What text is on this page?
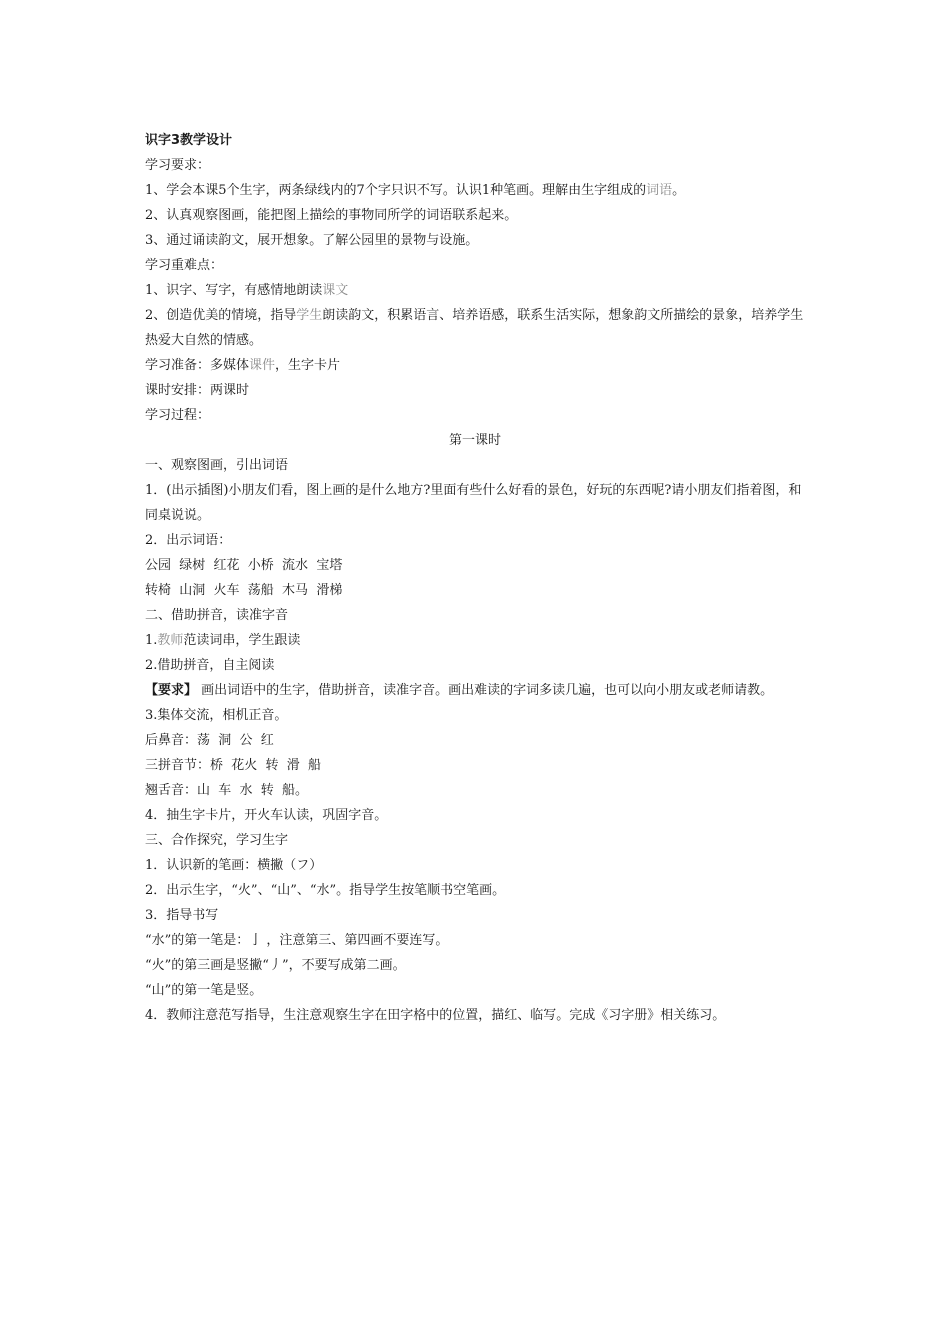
识字3教学设计
学习要求：
1、学会本课5个生字，两条绿线内的7个字只识不写。认识1种笔画。理解由生字组成的词语。
2、认真观察图画，能把图上描绘的事物同所学的词语联系起来。
3、通过诵读韵文，展开想象。了解公园里的景物与设施。
学习重难点：
1、识字、写字，有感情地朗读课文
2、创造优美的情境，指导学生朗读韵文，积累语言、培养语感，联系生活实际，想象韵文所描绘的景象，培养学生热爱大自然的情感。
学习准备：多媒体课件，生字卡片
课时安排：两课时
学习过程：
第一课时
一、观察图画，引出词语
1．(出示插图)小朋友们看，图上画的是什么地方?里面有些什么好看的景色，好玩的东西呢?请小朋友们指着图，和同桌说说。
2．出示词语：
公园  绿树  红花  小桥  流水  宝塔
转椅  山洞  火车  荡船  木马  滑梯
二、借助拼音，读准字音
1.教师范读词串，学生跟读
2.借助拼音，自主阅读
【要求】 画出词语中的生字，借助拼音，读准字音。画出难读的字词多读几遍，也可以向小朋友或老师请教。
3.集体交流，相机正音。
后鼻音：荡  洞  公  红
三拼音节：桥  花火  转  滑  船
翘舌音：山  车  水  转  船。
4．抽生字卡片，开火车认读，巩固字音。
三、合作探究，学习生字
1．认识新的笔画：横撇（フ）
2．出示生字，“火”、“山”、“水”。指导学生按笔顺书空笔画。
3．指导书写
“水”的第一笔是：亅 ，注意第三、第四画不要连写。
“火”的第三画是竖撇“丿”，不要写成第二画。
“山”的第一笔是竖。
4．教师注意范写指导，生注意观察生字在田字格中的位置，描红、临写。完成《习字册》相关练习。
